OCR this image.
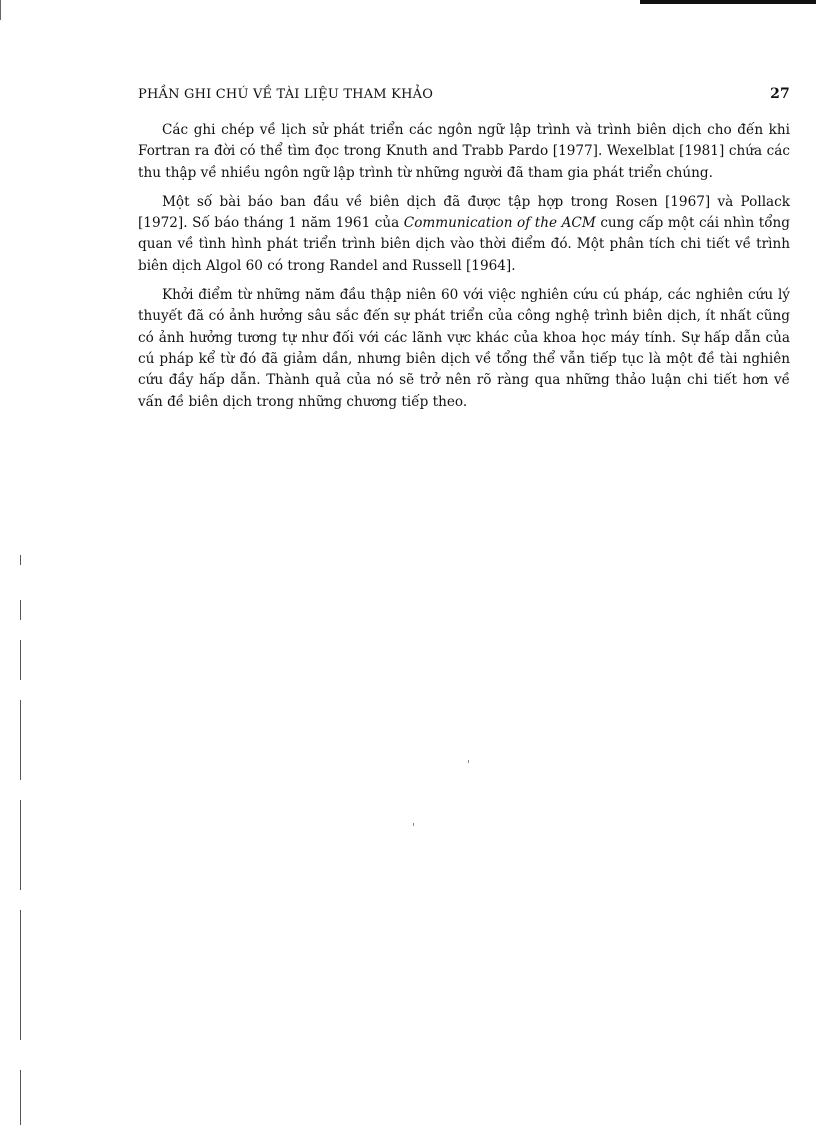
PHẦN GHI CHÚ VỀ TÀI LIỆU THAM KHẢO	27

Các ghi chép về lịch sử phát triển các ngôn ngữ lập trình và trình biên dịch cho đến khi Fortran ra đời có thể tìm đọc trong Knuth and Trabb Pardo [1977]. Wexelblat [1981] chứa các thu thập về nhiều ngôn ngữ lập trình từ những người đã tham gia phát triển chúng.

Một số bài báo ban đầu về biên dịch đã được tập hợp trong Rosen [1967] và Pollack [1972]. Số báo tháng 1 năm 1961 của Communication of the ACM cung cấp một cái nhìn tổng quan về tình hình phát triển trình biên dịch vào thời điểm đó. Một phân tích chi tiết về trình biên dịch Algol 60 có trong Randel and Russell [1964].

Khởi điểm từ những năm đầu thập niên 60 với việc nghiên cứu cú pháp, các nghiên cứu lý thuyết đã có ảnh hưởng sâu sắc đến sự phát triển của công nghệ trình biên dịch, ít nhất cũng có ảnh hưởng tương tự như đối với các lãnh vực khác của khoa học máy tính. Sự hấp dẫn của cú pháp kể từ đó đã giảm dần, nhưng biên dịch về tổng thể vẫn tiếp tục là một đề tài nghiên cứu đầy hấp dẫn. Thành quả của nó sẽ trở nên rõ ràng qua những thảo luận chi tiết hơn về vấn đề biên dịch trong những chương tiếp theo.
